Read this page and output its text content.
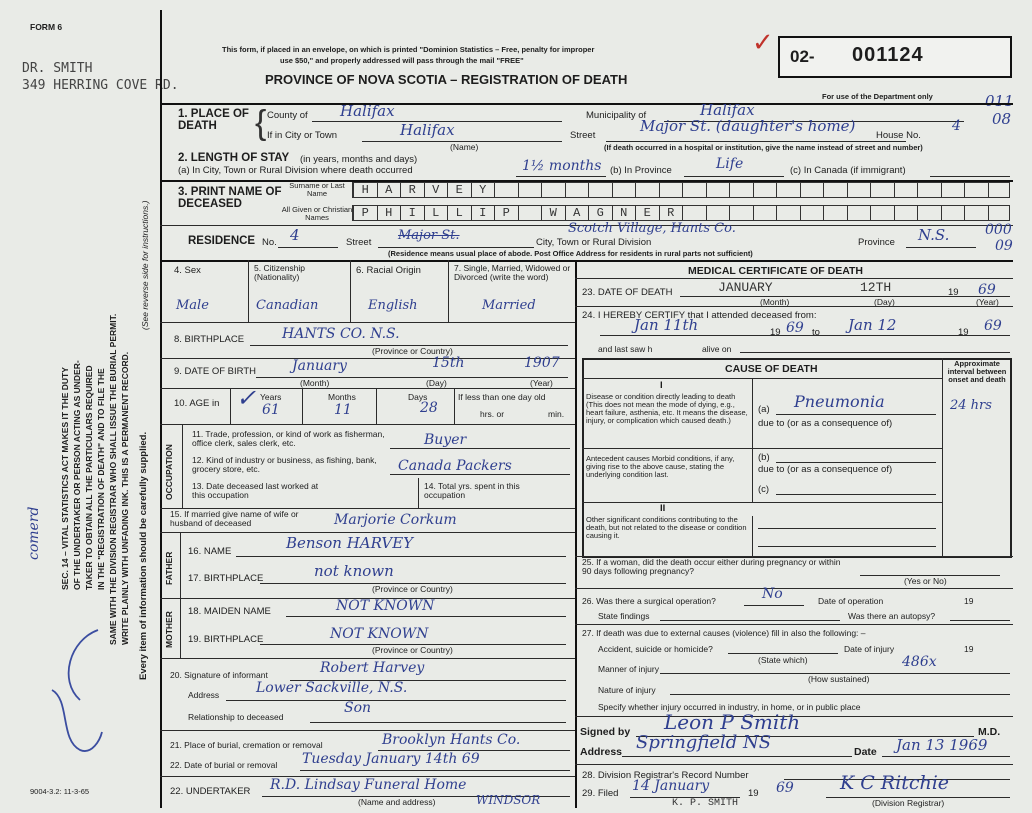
FORM 6
DR. SMITH
349 HERRING COVE RD.
This form, if placed in an envelope, on which is printed "Dominion Statistics – Free, penalty for improper
use $50," and properly addressed will pass through the mail "FREE"
PROVINCE OF NOVA SCOTIA – REGISTRATION OF DEATH
✓ 02- 001124
For use of the Department only	011
08
SEC. 14 – VITAL STATISTICS ACT MAKES IT THE DUTY OF THE UNDERTAKER OR PERSON ACTING AS UNDER- TAKER TO OBTAIN ALL THE PARTICULARS REQUIRED IN THE "REGISTRATION OF DEATH" AND TO FILE THE SAME WITH THE DIVISION REGISTRAR WHO SHALL ISSUE THE BURIAL PERMIT. WRITE PLAINLY WITH UNFADING INK. THIS IS A PERMANENT RECORD.
(See reverse side for instructions.)
Every item of information should be carefully supplied.
comerd
9004-3.2: 11-3-65
1. PLACE OF DEATH	{ County of Halifax	Municipality of	Halifax
If in City or Town	Halifax
(Name)
Street
Major St. (daughter's home)
House No.
4
(If death occurred in a hospital or institution, give the name instead of street and number)
2. LENGTH OF STAY (in years, months and days)
(a) In City, Town or Rural Division where death occurred	1½ months (b) In Province	Life	(c) In Canada (if immigrant)
3. PRINT NAME OF DECEASED
Surname or Last Name
All Given or Christian Names
H	A	R	V	E	Y
P	H	I	L	L	I	P	W	A	G	N	E	R
RESIDENCE No. 4	Street Major St.	City, Town or Rural Division
Scotch Village, Hants Co.
Province N.S.	000
09
(Residence means usual place of abode. Post Office Address for residents in rural parts not sufficient)
4. Sex	5. Citizenship (Nationality)
6. Racial Origin	7. Single, Married, Widowed or Divorced (write the word)
Male	Canadian	English	Married
8. BIRTHPLACE	HANTS CO. N.S.
(Province or Country)
9. DATE OF BIRTH	January	15th	1907
(Month)	(Day)	(Year)
10. AGE in
Years	Months	Days
61	11	28
✓	If less than one day old
hrs. or	min.
OCCUPATION
11. Trade, profession, or kind of work as fisherman, office clerk, sales clerk, etc.	Buyer
12. Kind of industry or business, as fishing, bank, grocery store, etc.	Canada Packers
13. Date deceased last worked at this occupation
14. Total yrs. spent in this occupation
15. If married give name of wife or husband of deceased	Marjorie Corkum
FATHER
16. NAME	Benson HARVEY
17. BIRTHPLACE	not known
(Province or Country)
MOTHER 18. MAIDEN NAME	NOT KNOWN
19. BIRTHPLACE	NOT KNOWN
(Province or Country)
20. Signature of informant	Robert Harvey
Address	Lower Sackville, N.S.
Relationship to deceased
Son
21. Place of burial, cremation or removal	Brooklyn Hants Co.
22. Date of burial or removal Tuesday January 14th 69
22. UNDERTAKER R.D. Lindsay Funeral Home
(Name and address)	WINDSOR
MEDICAL CERTIFICATE OF DEATH
23. DATE OF DEATH	JANUARY	12TH	19 69
(Month)	(Day)	(Year)
24. I HEREBY CERTIFY that I attended deceased from:
Jan 11th	19 69 to Jan 12	19 69
and last saw h	alive on
CAUSE OF DEATH	Approximate interval between onset and death
I
Disease or condition directly leading to death (This does not mean the mode of dying, e.g., heart failure, asthenia, etc. It means the disease, injury, or complication which caused death.)
(a) Pneumonia	24 hrs
due to (or as a consequence of)
Antecedent causes Morbid conditions, if any, giving rise to the above cause, stating the underlying condition last.
(b)
due to (or as a consequence of)
(c)
II
Other significant conditions contributing to the death, but not related to the disease or condition causing it.
25. If a woman, did the death occur either during pregnancy or within 90 days following pregnancy?
(Yes or No)
26. Was there a surgical operation?	No	Date of operation	19
State findings	Was there an autopsy?
27. If death was due to external causes (violence) fill in also the following: –
Accident, suicide or homicide?
(State which)
Date of injury	19
Manner of injury	486x
(How sustained)
Nature of injury
Specify whether injury occurred in industry, in home, or in public place
Signed by Leon P Smith	M.D.
Address Springfield NS	Date Jan 13 1969
28. Division Registrar's Record Number
29. Filed 14 January	19 69 K C Ritchie
(Division Registrar)
K. P. SMITH
